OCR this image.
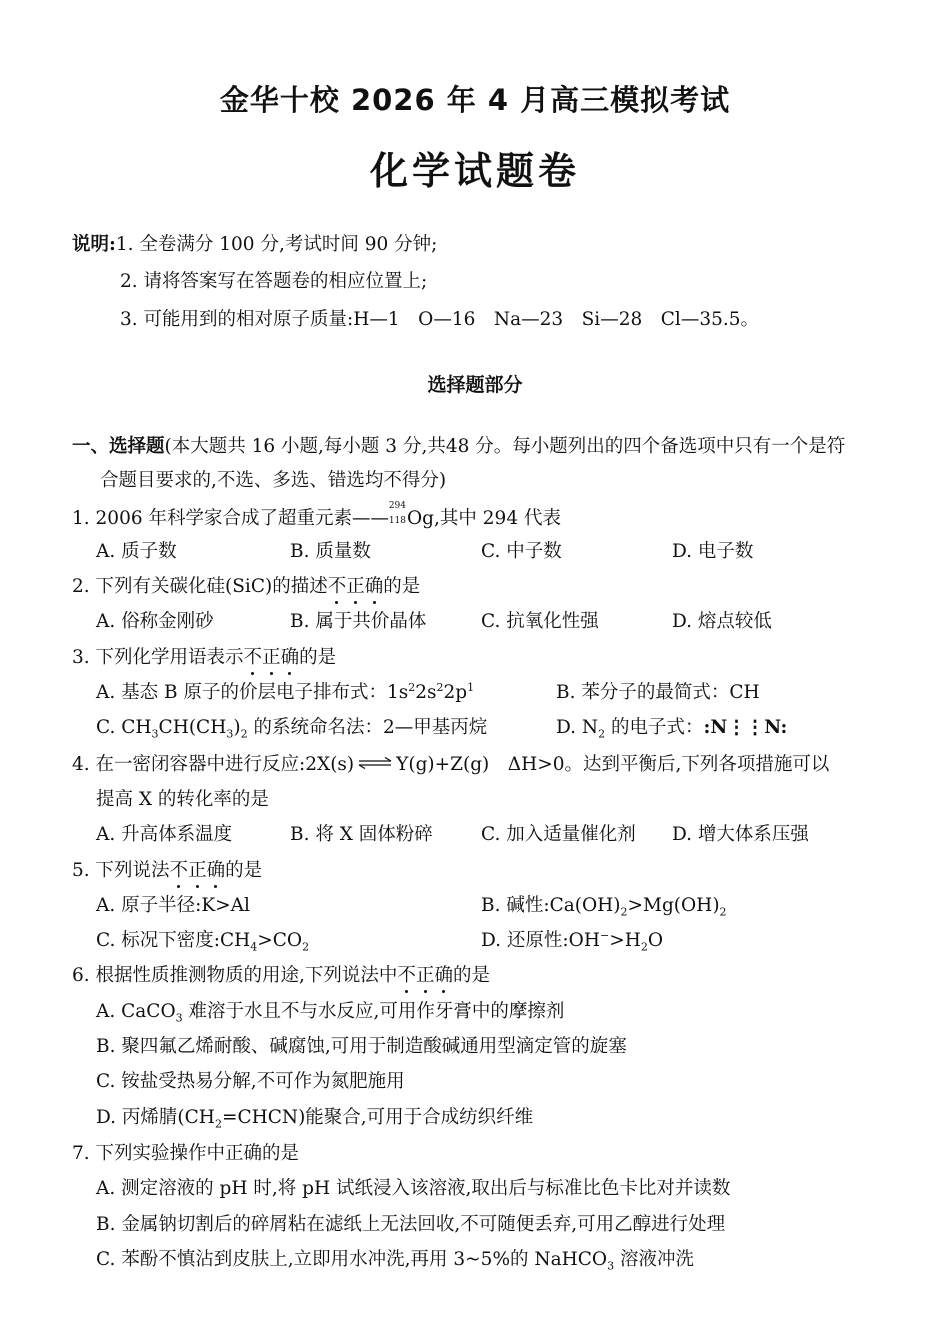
金华十校 2026 年 4 月高三模拟考试
化学试题卷
说明:1. 全卷满分 100 分,考试时间 90 分钟;
2. 请将答案写在答题卷的相应位置上;
3. 可能用到的相对原子质量:H—1　O—16　Na—23　Si—28　Cl—35.5。
选择题部分
一、选择题(本大题共 16 小题,每小题 3 分,共48 分。每小题列出的四个备选项中只有一个是符
合题目要求的,不选、多选、错选均不得分)
1. 2006 年科学家合成了超重元素——
294
118 Og,其中 294 代表
A. 质子数	B. 质量数	C. 中子数	D. 电子数
2. 下列有关碳化硅(SiC)的描述不正确的是
A. 俗称金刚砂	B. 属于共价晶体	C. 抗氧化性强	D. 熔点较低
3. 下列化学用语表示不正确的是
A. 基态 B 原子的价层电子排布式：$1s^22s^22p^1$	B. 苯分子的最简式：CH
C. $CH_3CH(CH_3)_2$ 的系统命名法：2—甲基丙烷	D. $N_2$ 的电子式：:N⋮⋮N:
4. 在一密闭容器中进行反应:2X(s) ⇌ Y(g)+Z(g)　ΔH>0。达到平衡后,下列各项措施可以
提高 X 的转化率的是
A. 升高体系温度	B. 将 X 固体粉碎	C. 加入适量催化剂 D. 增大体系压强
5. 下列说法不正确的是
A. 原子半径:K>Al	B. 碱性$:Ca(OH)_2>Mg(OH)_2$
C. 标况下密度$:CH_4>CO_2$	D. 还原性$:OH^->H_2O$
6. 根据性质推测物质的用途,下列说法中不正确的是
A. CaCO$_3$ 难溶于水且不与水反应,可用作牙膏中的摩擦剂
B. 聚四氟乙烯耐酸、碱腐蚀,可用于制造酸碱通用型滴定管的旋塞
C. 铵盐受热易分解,不可作为氮肥施用
D. 丙烯腈$(CH_2=CHCN)$能聚合,可用于合成纺织纤维
7. 下列实验操作中正确的是
A. 测定溶液的 pH 时,将 pH 试纸浸入该溶液,取出后与标准比色卡比对并读数
B. 金属钠切割后的碎屑粘在滤纸上无法回收,不可随便丢弃,可用乙醇进行处理
C. 苯酚不慎沾到皮肤上,立即用水冲洗,再用 3~5%的 NaHCO$_3$ 溶液冲洗
